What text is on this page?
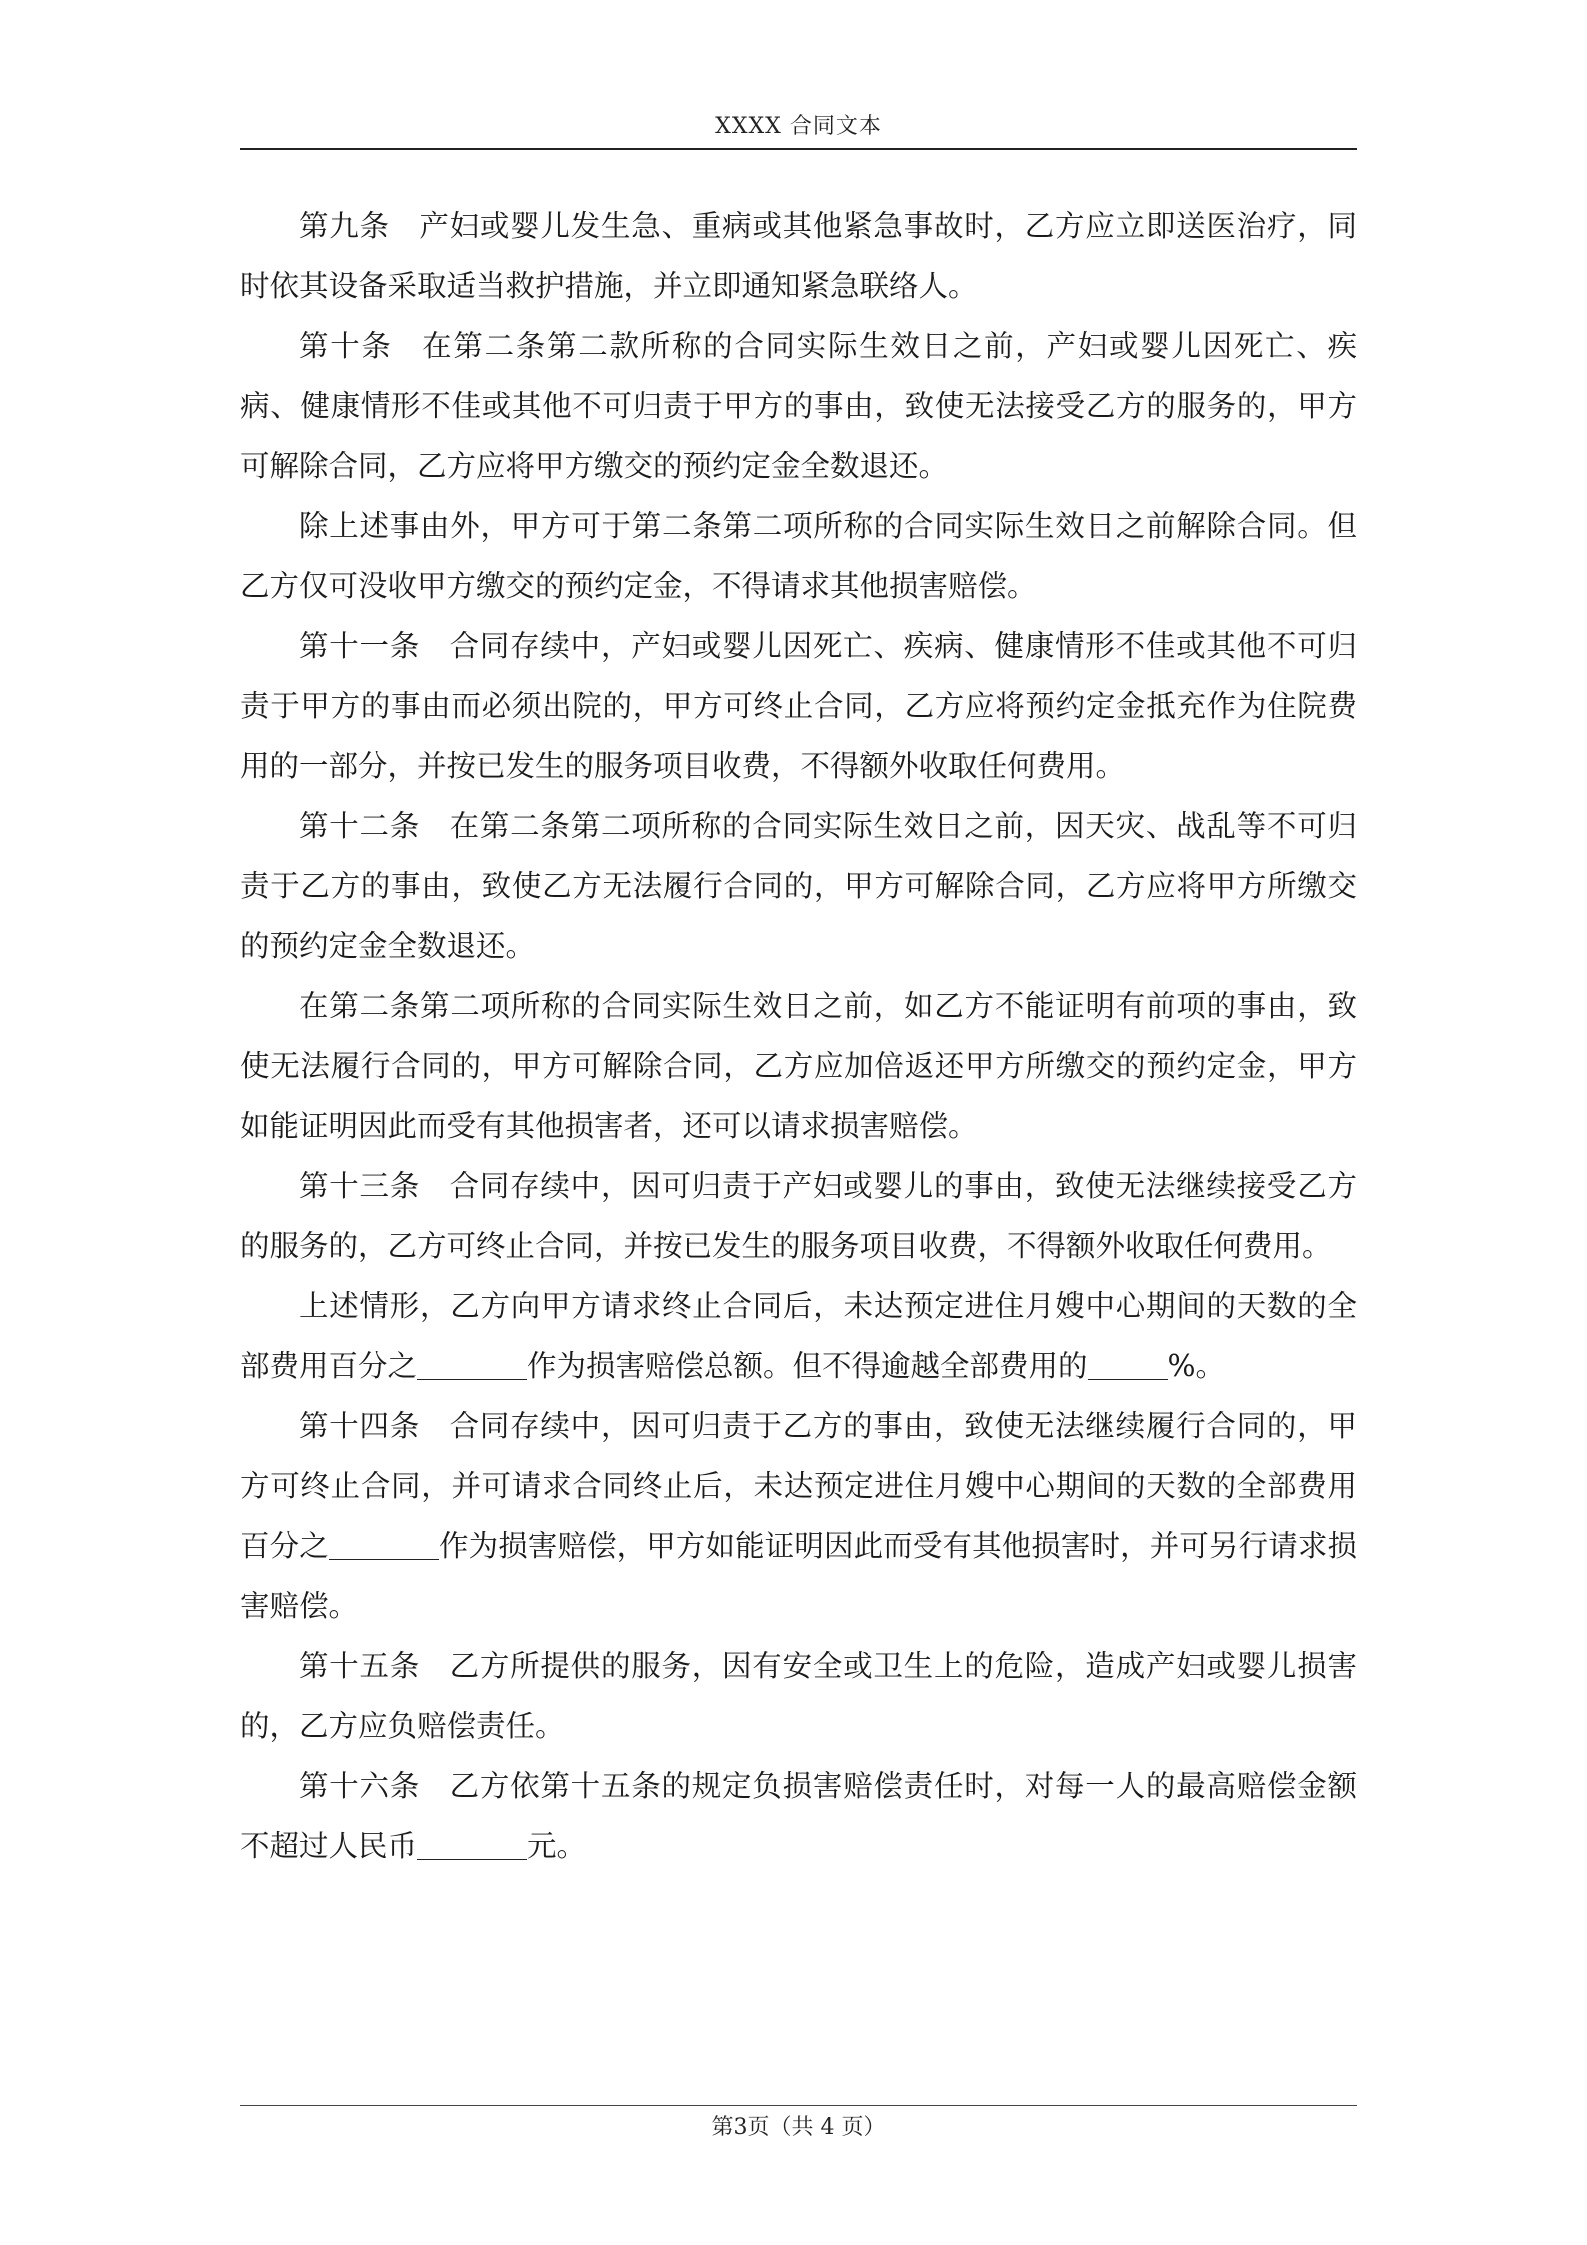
XXXX 合同文本

第九条 产妇或婴儿发生急、重病或其他紧急事故时，乙方应立即送医治疗，同时依其设备采取适当救护措施，并立即通知紧急联络人。

第十条 在第二条第二款所称的合同实际生效日之前，产妇或婴儿因死亡、疾病、健康情形不佳或其他不可归责于甲方的事由，致使无法接受乙方的服务的，甲方可解除合同，乙方应将甲方缴交的预约定金全数退还。

除上述事由外，甲方可于第二条第二项所称的合同实际生效日之前解除合同。但乙方仅可没收甲方缴交的预约定金，不得请求其他损害赔偿。

第十一条 合同存续中，产妇或婴儿因死亡、疾病、健康情形不佳或其他不可归责于甲方的事由而必须出院的，甲方可终止合同，乙方应将预约定金抵充作为住院费用的一部分，并按已发生的服务项目收费，不得额外收取任何费用。

第十二条 在第二条第二项所称的合同实际生效日之前，因天灾、战乱等不可归责于乙方的事由，致使乙方无法履行合同的，甲方可解除合同，乙方应将甲方所缴交的预约定金全数退还。

在第二条第二项所称的合同实际生效日之前，如乙方不能证明有前项的事由，致使无法履行合同的，甲方可解除合同，乙方应加倍返还甲方所缴交的预约定金，甲方如能证明因此而受有其他损害者，还可以请求损害赔偿。

第十三条 合同存续中，因可归责于产妇或婴儿的事由，致使无法继续接受乙方的服务的，乙方可终止合同，并按已发生的服务项目收费，不得额外收取任何费用。

上述情形，乙方向甲方请求终止合同后，未达预定进住月嫂中心期间的天数的全部费用百分之	作为损害赔偿总额。但不得逾越全部费用的	%。

第十四条 合同存续中，因可归责于乙方的事由，致使无法继续履行合同的，甲方可终止合同，并可请求合同终止后，未达预定进住月嫂中心期间的天数的全部费用百分之	作为损害赔偿，甲方如能证明因此而受有其他损害时，并可另行请求损害赔偿。

第十五条 乙方所提供的服务，因有安全或卫生上的危险，造成产妇或婴儿损害的，乙方应负赔偿责任。

第十六条 乙方依第十五条的规定负损害赔偿责任时，对每一人的最高赔偿金额不超过人民币	元。

第3页（共 4 页）
